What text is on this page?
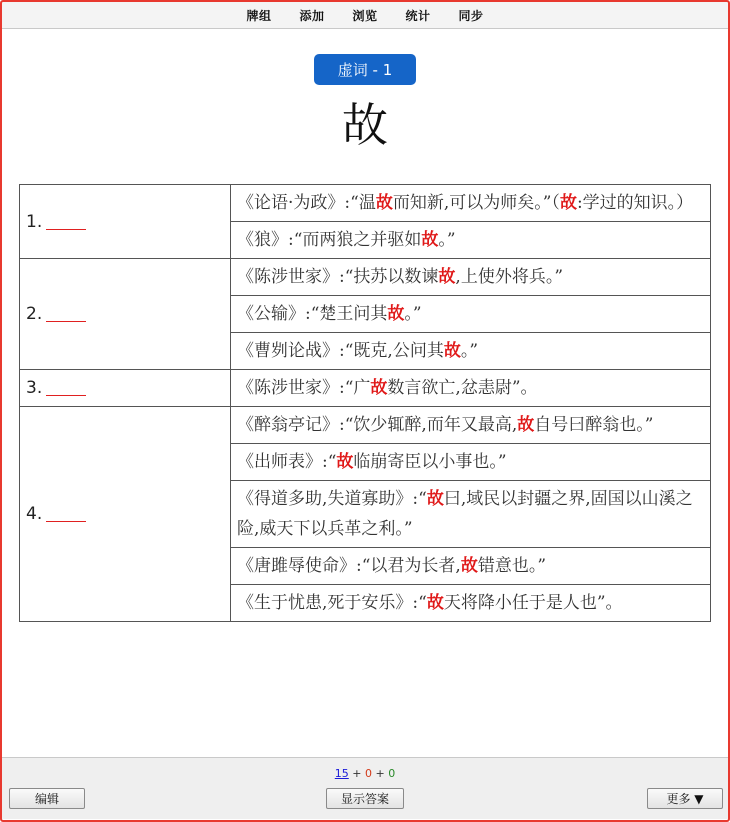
牌组 添加 浏览 统计 同步
虚词 - 1
故
1.	《论语·为政》:“温故而知新,可以为师矣。”（故:学过的知识。）
	《狼》:“而两狼之并驱如故。”
2.	《陈涉世家》:“扶苏以数谏故,上使外将兵。”
	《公输》:“楚王问其故。”
	《曹刿论战》:“既克,公问其故。”
3.	《陈涉世家》:“广故数言欲亡,忿恚尉”。
4.	《醉翁亭记》:“饮少辄醉,而年又最高,故自号曰醉翁也。”
	《出师表》:“故临崩寄臣以小事也。”
	《得道多助,失道寡助》:“故曰,域民以封疆之界,固国以山溪之险,威天下以兵革之利。”
	《唐雎辱使命》:“以君为长者,故错意也。”
	《生于忧患,死于安乐》:“故天将降小任于是人也”。
15 + 0 + 0
编辑	显示答案	更多 ▼
